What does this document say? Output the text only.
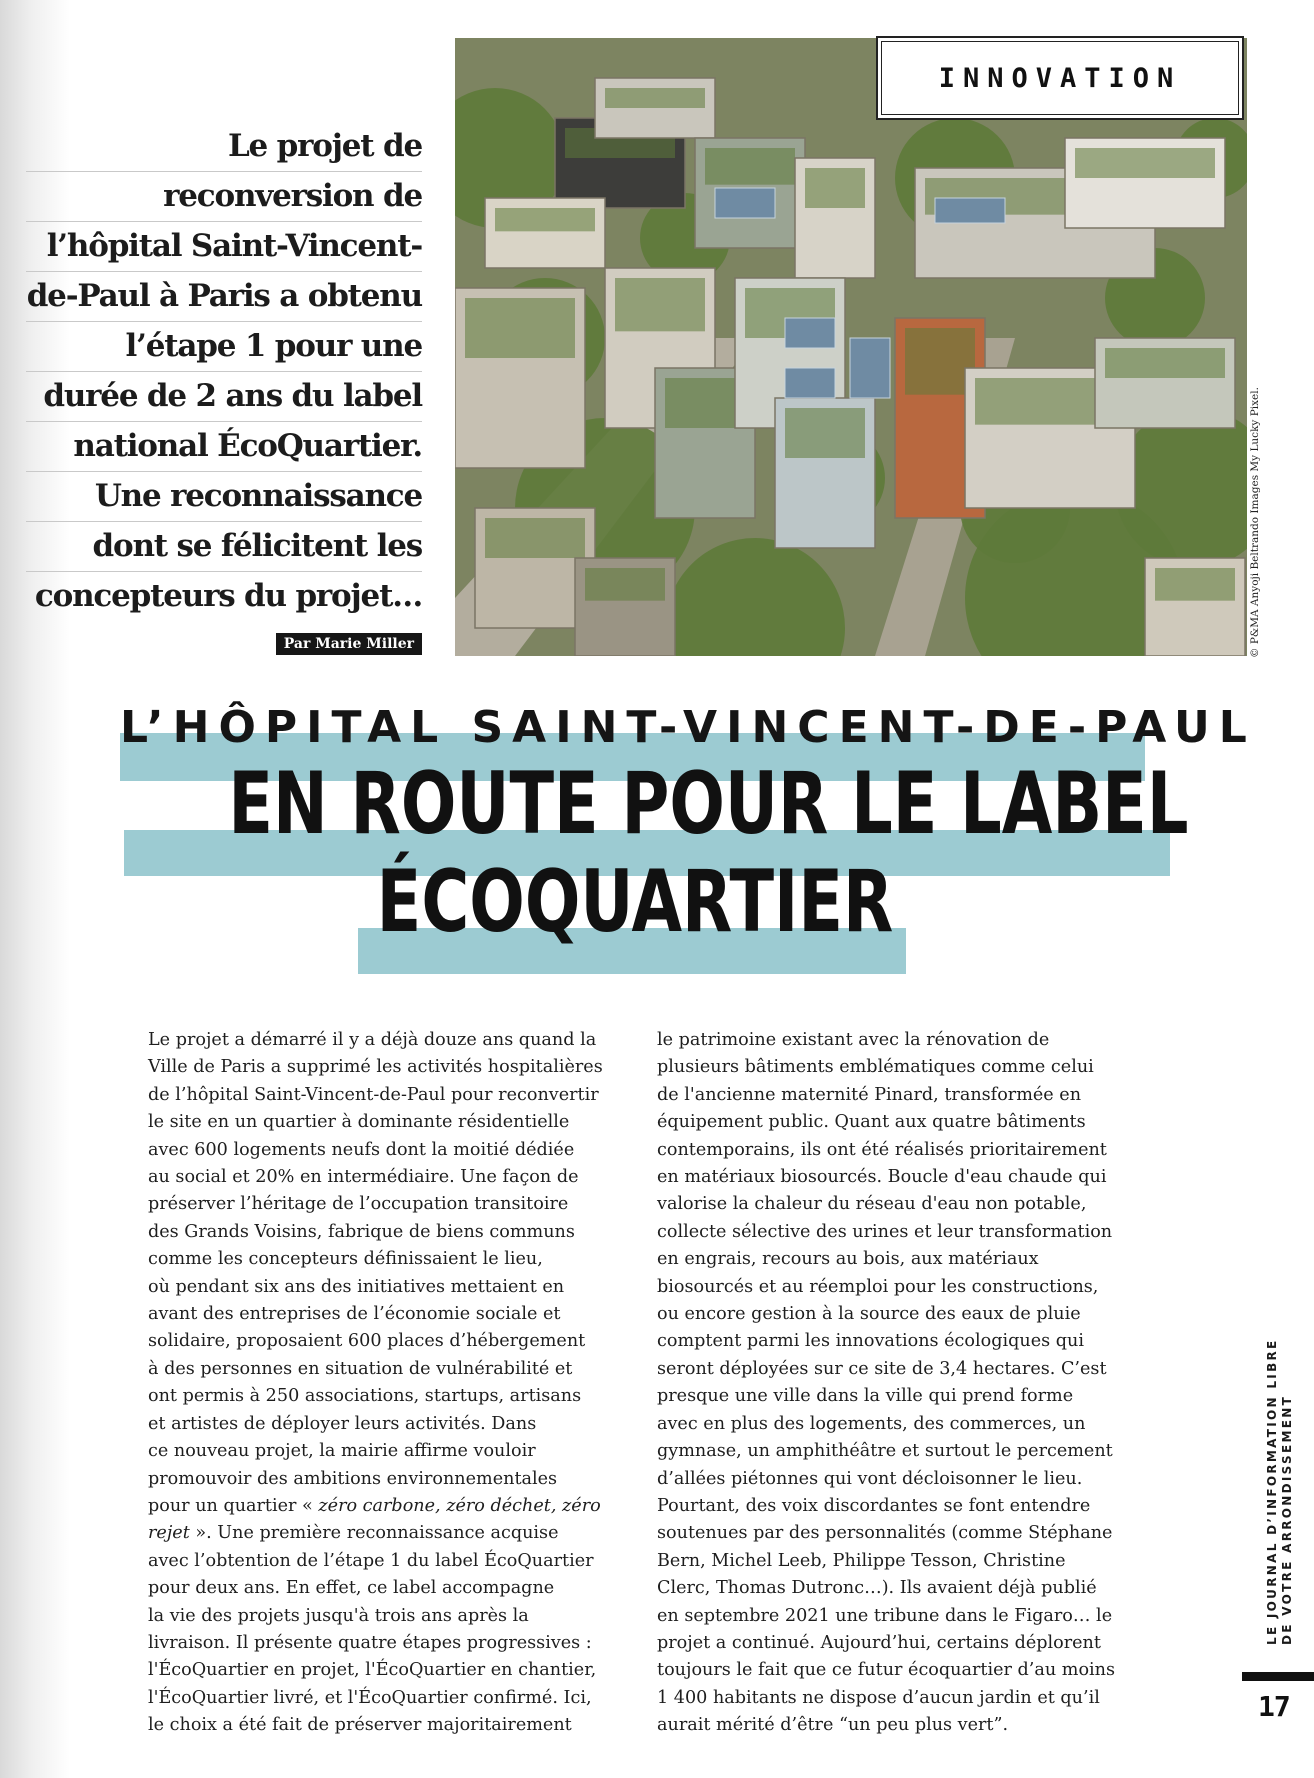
Le projet de
reconversion de
l’hôpital Saint-Vincent-
de-Paul à Paris a obtenu
l’étape 1 pour une
durée de 2 ans du label
national ÉcoQuartier.
Une reconnaissance
dont se félicitent les
concepteurs du projet…
Par Marie Miller
INNOVATION
© P&MA Anyoji Beltrando Images My Lucky Pixel.
L’HÔPITAL SAINT-VINCENT-DE-PAUL
EN ROUTE POUR LE LABEL
ÉCOQUARTIER
Le projet a démarré il y a déjà douze ans quand la
Ville de Paris a supprimé les activités hospitalières
de l’hôpital Saint-Vincent-de-Paul pour reconvertir
le site en un quartier à dominante résidentielle
avec 600 logements neufs dont la moitié dédiée
au social et 20% en intermédiaire. Une façon de
préserver l’héritage de l’occupation transitoire
des Grands Voisins, fabrique de biens communs
comme les concepteurs définissaient le lieu,
où pendant six ans des initiatives mettaient en
avant des entreprises de l’économie sociale et
solidaire, proposaient 600 places d’hébergement
à des personnes en situation de vulnérabilité et
ont permis à 250 associations, startups, artisans
et artistes de déployer leurs activités. Dans
ce nouveau projet, la mairie affirme vouloir
promouvoir des ambitions environnementales
pour un quartier « zéro carbone, zéro déchet, zéro
rejet ». Une première reconnaissance acquise
avec l’obtention de l’étape 1 du label ÉcoQuartier
pour deux ans. En effet, ce label accompagne
la vie des projets jusqu'à trois ans après la
livraison. Il présente quatre étapes progressives :
l'ÉcoQuartier en projet, l'ÉcoQuartier en chantier,
l'ÉcoQuartier livré, et l'ÉcoQuartier confirmé. Ici,
le choix a été fait de préserver majoritairement
le patrimoine existant avec la rénovation de
plusieurs bâtiments emblématiques comme celui
de l'ancienne maternité Pinard, transformée en
équipement public. Quant aux quatre bâtiments
contemporains, ils ont été réalisés prioritairement
en matériaux biosourcés. Boucle d'eau chaude qui
valorise la chaleur du réseau d'eau non potable,
collecte sélective des urines et leur transformation
en engrais, recours au bois, aux matériaux
biosourcés et au réemploi pour les constructions,
ou encore gestion à la source des eaux de pluie
comptent parmi les innovations écologiques qui
seront déployées sur ce site de 3,4 hectares. C’est
presque une ville dans la ville qui prend forme
avec en plus des logements, des commerces, un
gymnase, un amphithéâtre et surtout le percement
d’allées piétonnes qui vont décloisonner le lieu.
Pourtant, des voix discordantes se font entendre
soutenues par des personnalités (comme Stéphane
Bern, Michel Leeb, Philippe Tesson, Christine
Clerc, Thomas Dutronc…). Ils avaient déjà publié
en septembre 2021 une tribune dans le Figaro… le
projet a continué. Aujourd’hui, certains déplorent
toujours le fait que ce futur écoquartier d’au moins
1 400 habitants ne dispose d’aucun jardin et qu’il
aurait mérité d’être “un peu plus vert”.
LE JOURNAL D’INFORMATION LIBRE DE VOTRE ARRONDISSEMENT
17
